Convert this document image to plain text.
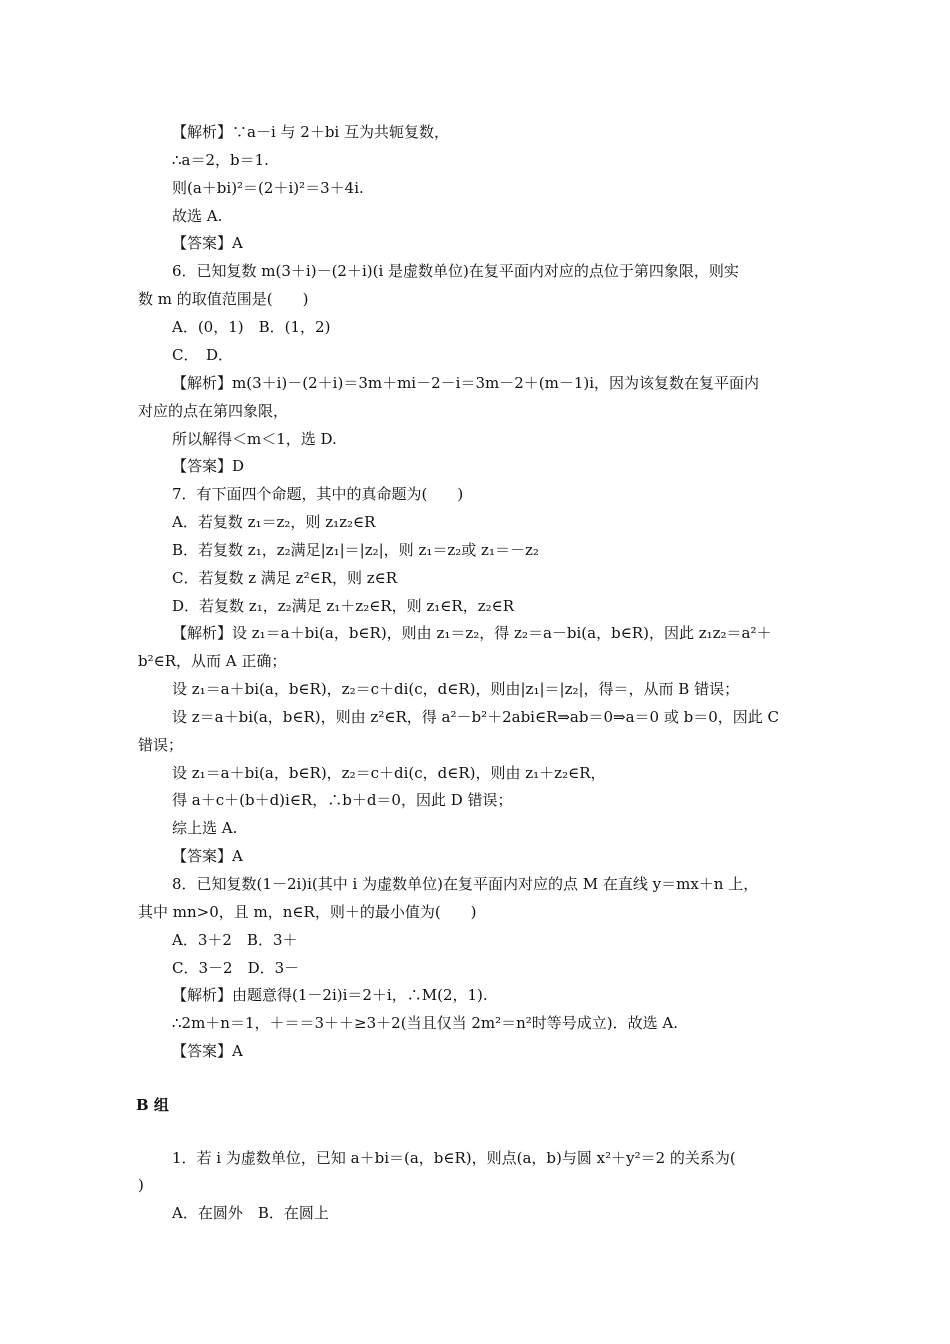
【解析】∵a－i 与 2＋bi 互为共轭复数，
∴a＝2，b＝1.
则(a＋bi)²＝(2＋i)²＝3＋4i.
故选 A.
【答案】A
6．已知复数 m(3＋i)－(2＋i)(i 是虚数单位)在复平面内对应的点位于第四象限，则实
数 m 的取值范围是(　　)
A．(0，1)　B．(1，2)
C．　D．
【解析】m(3＋i)－(2＋i)＝3m＋mi－2－i＝3m－2＋(m－1)i，因为该复数在复平面内
对应的点在第四象限，
所以解得＜m＜1，选 D.
【答案】D
7．有下面四个命题，其中的真命题为(　　)
A．若复数 z₁＝z₂，则 z₁z₂∈R
B．若复数 z₁，z₂满足|z₁|＝|z₂|，则 z₁＝z₂或 z₁＝－z₂
C．若复数 z 满足 z²∈R，则 z∈R
D．若复数 z₁，z₂满足 z₁＋z₂∈R，则 z₁∈R，z₂∈R
【解析】设 z₁＝a＋bi(a，b∈R)，则由 z₁＝z₂，得 z₂＝a－bi(a，b∈R)，因此 z₁z₂＝a²＋
b²∈R，从而 A 正确；
设 z₁＝a＋bi(a，b∈R)，z₂＝c＋di(c，d∈R)，则由|z₁|＝|z₂|，得＝，从而 B 错误；
设 z＝a＋bi(a，b∈R)，则由 z²∈R，得 a²－b²＋2abi∈R⇒ab＝0⇒a＝0 或 b＝0，因此 C
错误；
设 z₁＝a＋bi(a，b∈R)，z₂＝c＋di(c，d∈R)，则由 z₁＋z₂∈R，
得 a＋c＋(b＋d)i∈R，∴b＋d＝0，因此 D 错误；
综上选 A.
【答案】A
8．已知复数(1－2i)i(其中 i 为虚数单位)在复平面内对应的点 M 在直线 y＝mx＋n 上，
其中 mn>0，且 m，n∈R，则＋的最小值为(　　)
A．3＋2　B．3＋
C．3－2　D．3－
【解析】由题意得(1－2i)i＝2＋i，∴M(2，1).
∴2m＋n＝1，＋＝＝3＋＋≥3＋2(当且仅当 2m²＝n²时等号成立)．故选 A.
【答案】A
B 组
1．若 i 为虚数单位，已知 a＋bi＝(a，b∈R)，则点(a，b)与圆 x²＋y²＝2 的关系为(
)
A．在圆外　B．在圆上
